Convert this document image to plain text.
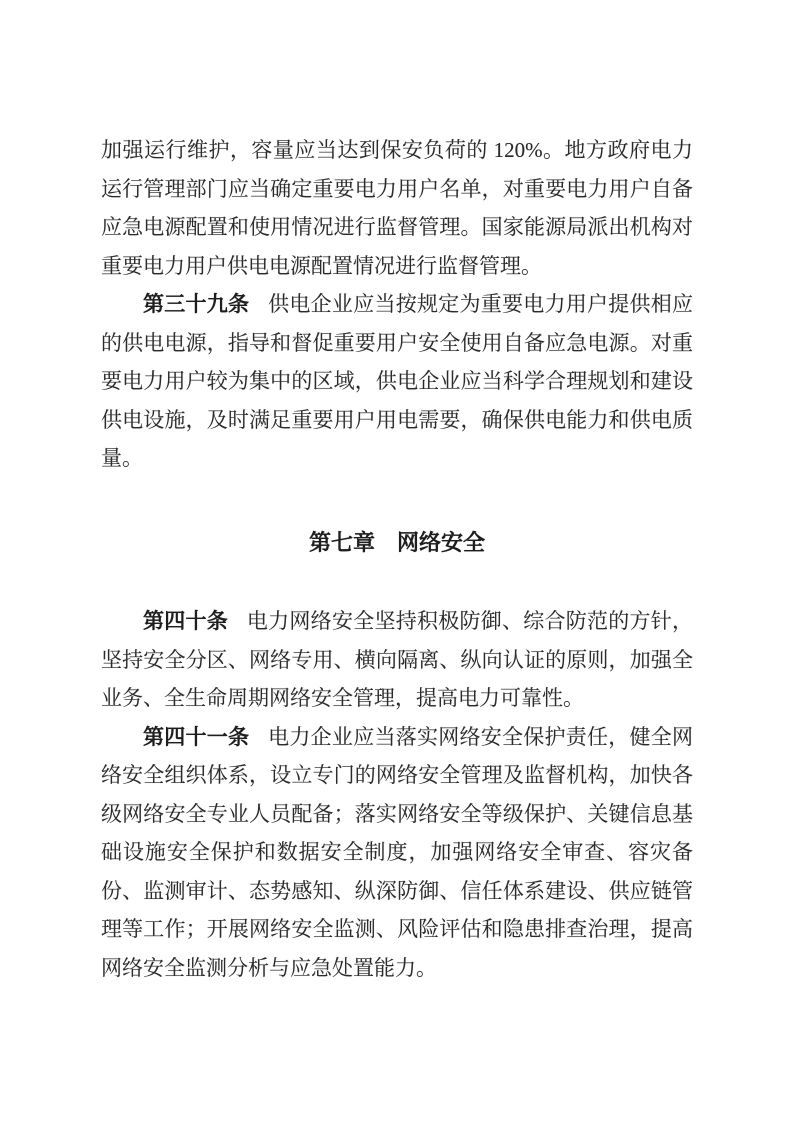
加强运行维护，容量应当达到保安负荷的 120%。地方政府电力运行管理部门应当确定重要电力用户名单，对重要电力用户自备应急电源配置和使用情况进行监督管理。国家能源局派出机构对重要电力用户供电电源配置情况进行监督管理。

第三十九条 供电企业应当按规定为重要电力用户提供相应的供电电源，指导和督促重要用户安全使用自备应急电源。对重要电力用户较为集中的区域，供电企业应当科学合理规划和建设供电设施，及时满足重要用户用电需要，确保供电能力和供电质量。

第七章　网络安全

第四十条 电力网络安全坚持积极防御、综合防范的方针，坚持安全分区、网络专用、横向隔离、纵向认证的原则，加强全业务、全生命周期网络安全管理，提高电力可靠性。

第四十一条 电力企业应当落实网络安全保护责任，健全网络安全组织体系，设立专门的网络安全管理及监督机构，加快各级网络安全专业人员配备；落实网络安全等级保护、关键信息基础设施安全保护和数据安全制度，加强网络安全审查、容灾备份、监测审计、态势感知、纵深防御、信任体系建设、供应链管理等工作；开展网络安全监测、风险评估和隐患排查治理，提高网络安全监测分析与应急处置能力。
